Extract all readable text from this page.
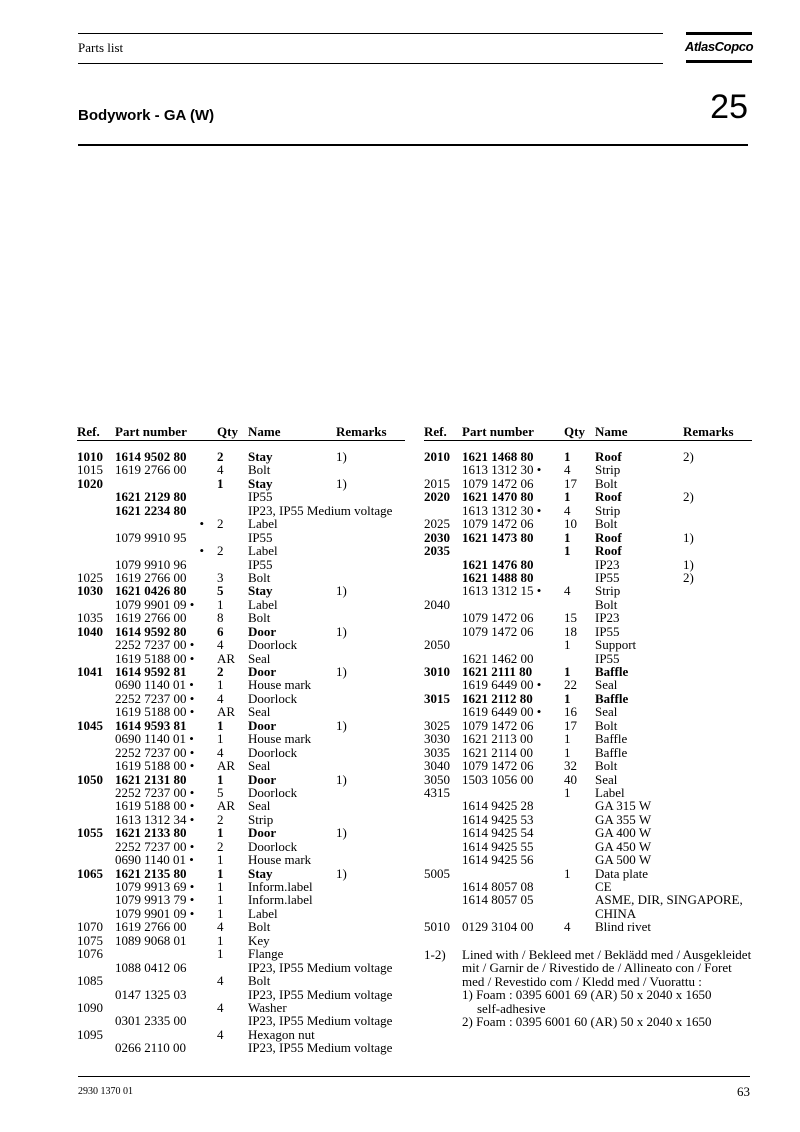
Parts list	AtlasCopco
Bodywork - GA (W)	25
Ref. Part number Qty Name	Remarks	Ref. Part number Qty Name	Remarks
1010 1614 9502 80 2 Stay	1)
1015 1619 2766 00 4 Bolt
1020	1 Stay	1)
1621 2129 80	IP55
1621 2234 80	IP23, IP55 Medium voltage
• 2 Label
1079 9910 95	IP55
• 2 Label
1079 9910 96	IP55
1025 1619 2766 00 3 Bolt
1030 1621 0426 80 5 Stay	1)
1079 9901 09 • 1 Label
1035 1619 2766 00 8 Bolt
1040 1614 9592 80 6 Door	1)
2252 7237 00 • 4 Doorlock
1619 5188 00 • AR Seal
1041 1614 9592 81 2 Door	1)
0690 1140 01 • 1 House mark
2252 7237 00 • 4 Doorlock
1619 5188 00 • AR Seal
1045 1614 9593 81 1 Door	1)
0690 1140 01 • 1 House mark
2252 7237 00 • 4 Doorlock
1619 5188 00 • AR Seal
1050 1621 2131 80 1 Door	1)
2252 7237 00 • 5 Doorlock
1619 5188 00 • AR Seal
1613 1312 34 • 2 Strip
1055 1621 2133 80 1 Door	1)
2252 7237 00 • 2 Doorlock
0690 1140 01 • 1 House mark
1065 1621 2135 80 1 Stay	1)
1079 9913 69 • 1 Inform.label
1079 9913 79 • 1 Inform.label
1079 9901 09 • 1 Label
1070 1619 2766 00 4 Bolt
1075 1089 9068 01 1 Key
1076	1 Flange
1088 0412 06	IP23, IP55 Medium voltage
1085	4 Bolt
0147 1325 03	IP23, IP55 Medium voltage
1090	4 Washer
0301 2335 00	IP23, IP55 Medium voltage
1095	4 Hexagon nut
0266 2110 00	IP23, IP55 Medium voltage
2010 1621 1468 80 1 Roof	2)
1613 1312 30 • 4 Strip
2015 1079 1472 06 17 Bolt
2020 1621 1470 80 1 Roof	2)
1613 1312 30 • 4 Strip
2025 1079 1472 06 10 Bolt
2030 1621 1473 80 1 Roof	1)
2035	1 Roof
1621 1476 80	IP23	1)
1621 1488 80	IP55	2)
1613 1312 15 • 4 Strip
2040	Bolt
1079 1472 06 15 IP23
1079 1472 06 18 IP55
2050	1 Support
1621 1462 00	IP55
3010 1621 2111 80 1 Baffle
1619 6449 00 • 22 Seal
3015 1621 2112 80 1 Baffle
1619 6449 00 • 16 Seal
3025 1079 1472 06 17 Bolt
3030 1621 2113 00 1 Baffle
3035 1621 2114 00 1 Baffle
3040 1079 1472 06 32 Bolt
3050 1503 1056 00 40 Seal
4315	1 Label
1614 9425 28	GA 315 W
1614 9425 53	GA 355 W
1614 9425 54	GA 400 W
1614 9425 55	GA 450 W
1614 9425 56	GA 500 W
5005	1 Data plate
1614 8057 08	CE
1614 8057 05	ASME, DIR, SINGAPORE,
CHINA
5010 0129 3104 00 4 Blind rivet
1-2) Lined with / Bekleed met / Beklädd med / Ausgekleidet
mit / Garnir de / Rivestido de / Allineato con / Foret
med / Revestido com / Kledd med / Vuorattu :
1) Foam : 0395 6001 69 (AR) 50 x 2040 x 1650
self-adhesive
2) Foam : 0395 6001 60 (AR) 50 x 2040 x 1650
2930 1370 01	63
